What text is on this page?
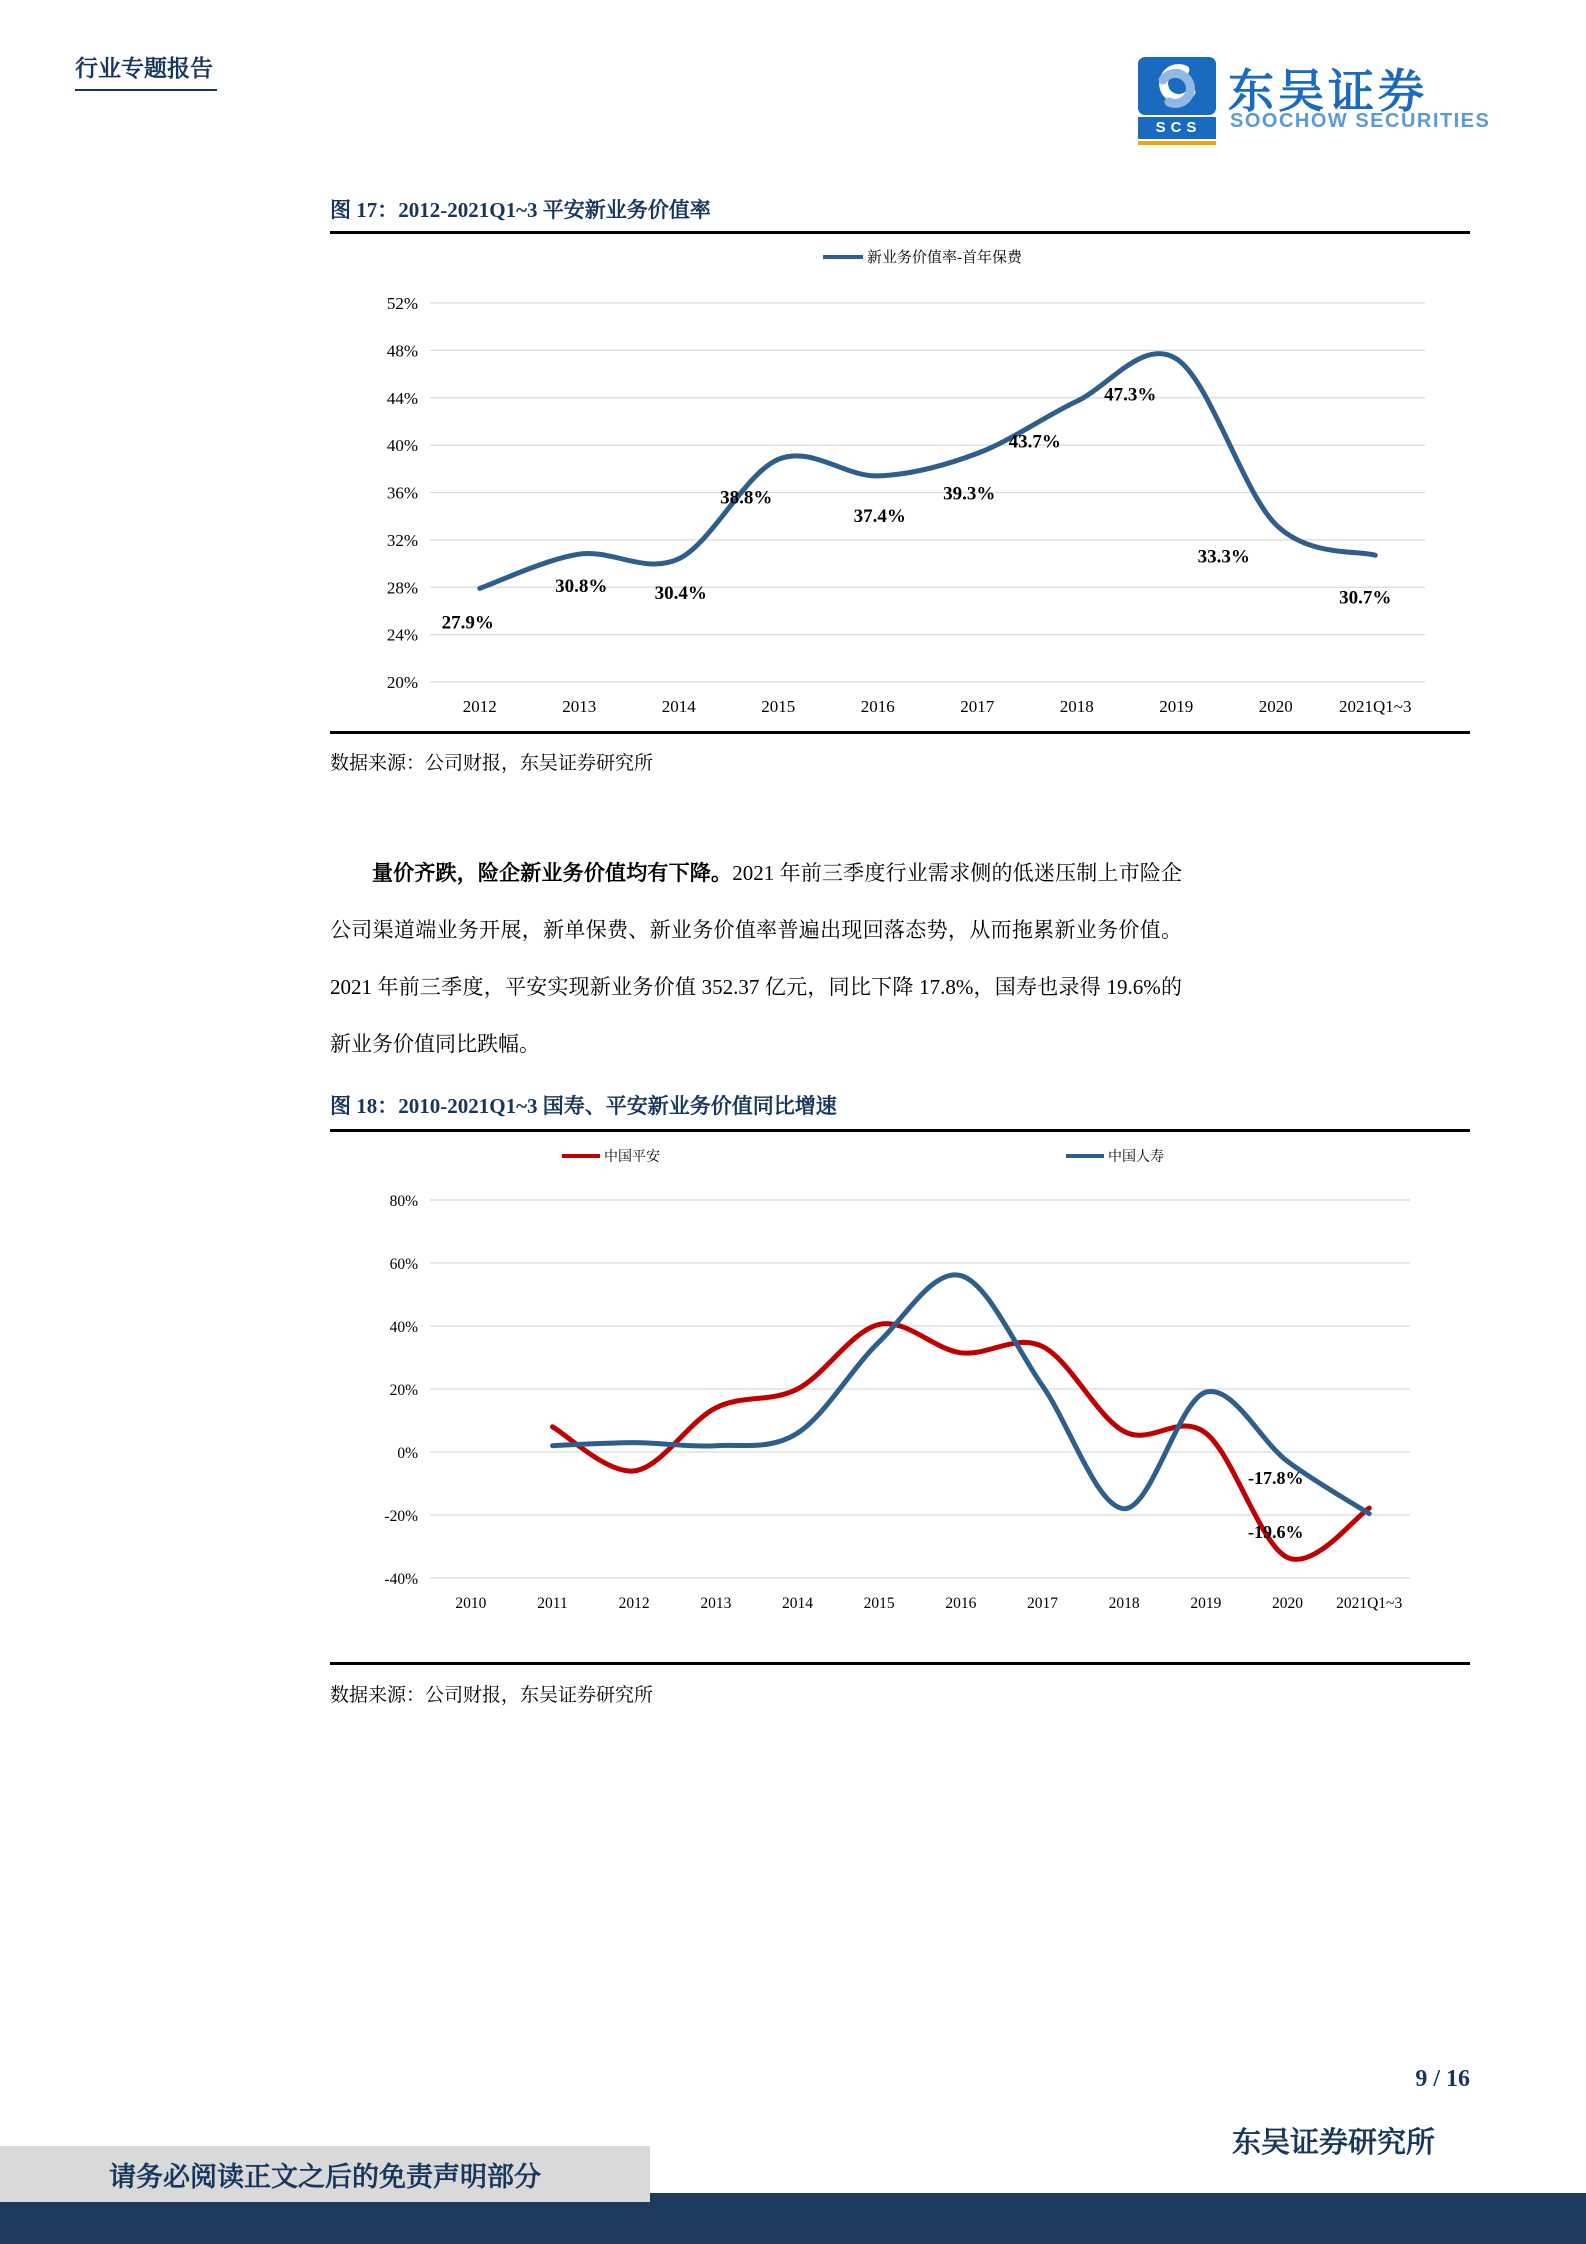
行业专题报告
SCS
东吴证券
SOOCHOW SECURITIES
图 17：2012-2021Q1~3 平安新业务价值率
新业务价值率-首年保费
52%
48%
44%
40%
36%
32%
28%
24%
20%
2012	2013	2014	2015	2016	2017	2018	2019	2020	2021Q1~3
27.9%
30.8% 30.4%
38.8%
37.4%
39.3%
43.7%
47.3%
33.3%
30.7%
数据来源：公司财报，东吴证券研究所

量价齐跌，险企新业务价值均有下降。2021 年前三季度行业需求侧的低迷压制上市险企公司渠道端业务开展，新单保费、新业务价值率普遍出现回落态势，从而拖累新业务价值。2021 年前三季度，平安实现新业务价值 352.37 亿元，同比下降 17.8%，国寿也录得 19.6%的新业务价值同比跌幅。

图 18：2010-2021Q1~3 国寿、平安新业务价值同比增速
中国平安	中国人寿
80%
60%
40%
20%
0%
-20%
-40%
2010	2011	2012	2013	2014	2015	2016	2017	2018	2019	2020 2021Q1~3
-17.8%
-19.6%
数据来源：公司财报，东吴证券研究所
9 / 16
东吴证券研究所
请务必阅读正文之后的免责声明部分
